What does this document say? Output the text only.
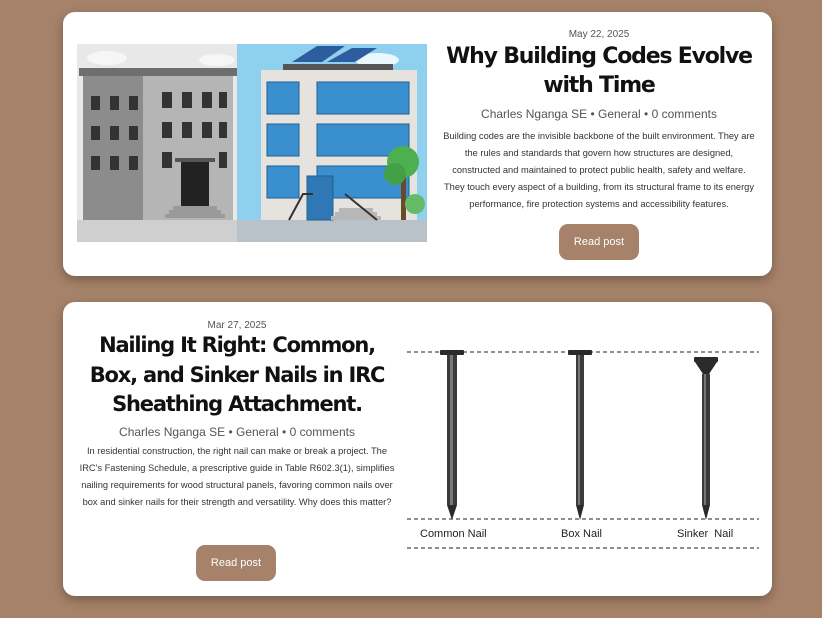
May 22, 2025
Why Building Codes Evolve with Time
Charles Nganga SE • General • 0 comments
Building codes are the invisible backbone of the built environment. They are the rules and standards that govern how structures are designed, constructed and maintained to protect public health, safety and welfare. They touch every aspect of a building, from its structural frame to its energy performance, fire protection systems and accessibility features.
Read post
Mar 27, 2025
Nailing It Right: Common, Box, and Sinker Nails in IRC Sheathing Attachment.
Charles Nganga SE • General • 0 comments
In residential construction, the right nail can make or break a project. The IRC's Fastening Schedule, a prescriptive guide in Table R602.3(1), simplifies nailing requirements for wood structural panels, favoring common nails over box and sinker nails for their strength and versatility. Why does this matter?
Read post
Common Nail	Box Nail	Sinker  Nail
